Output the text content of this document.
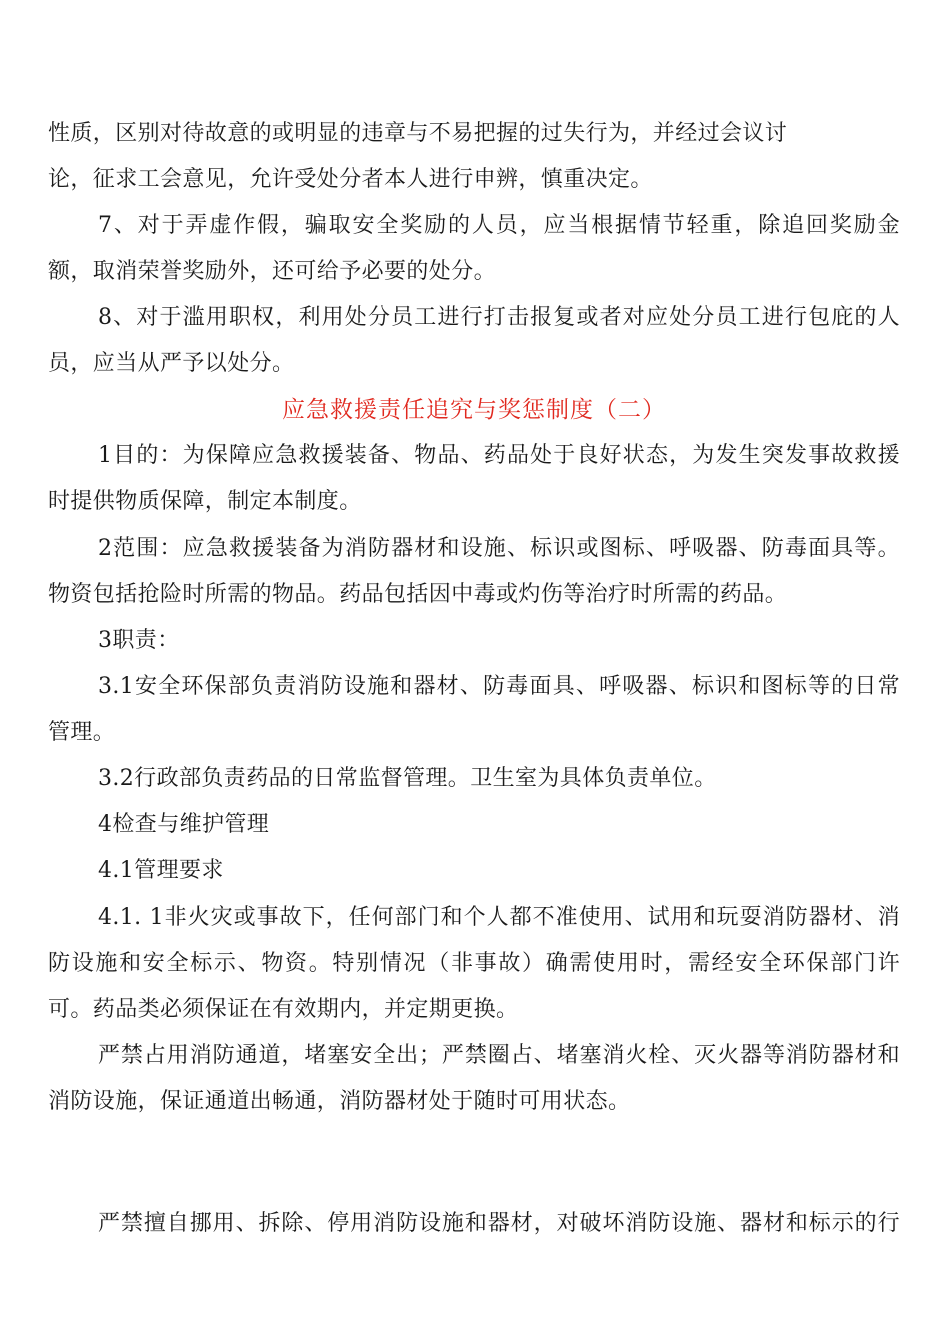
性质，区别对待故意的或明显的违章与不易把握的过失行为，并经过会议讨
论，征求工会意见，允许受处分者本人进行申辨，慎重决定。
7、对于弄虚作假，骗取安全奖励的人员，应当根据情节轻重，除追回奖励金
额，取消荣誉奖励外，还可给予必要的处分。
8、对于滥用职权，利用处分员工进行打击报复或者对应处分员工进行包庇的人
员，应当从严予以处分。
应急救援责任追究与奖惩制度（二）
1目的：为保障应急救援装备、物品、药品处于良好状态，为发生突发事故救援
时提供物质保障，制定本制度。
2范围：应急救援装备为消防器材和设施、标识或图标、呼吸器、防毒面具等。
物资包括抢险时所需的物品。药品包括因中毒或灼伤等治疗时所需的药品。
3职责：
3.1安全环保部负责消防设施和器材、防毒面具、呼吸器、标识和图标等的日常
管理。
3.2行政部负责药品的日常监督管理。卫生室为具体负责单位。
4检查与维护管理
4.1管理要求
4.1. 1非火灾或事故下，任何部门和个人都不准使用、试用和玩耍消防器材、消
防设施和安全标示、物资。特别情况（非事故）确需使用时，需经安全环保部门许
可。药品类必须保证在有效期内，并定期更换。
严禁占用消防通道，堵塞安全出；严禁圈占、堵塞消火栓、灭火器等消防器材和
消防设施，保证通道出畅通，消防器材处于随时可用状态。
严禁擅自挪用、拆除、停用消防设施和器材，对破坏消防设施、器材和标示的行
